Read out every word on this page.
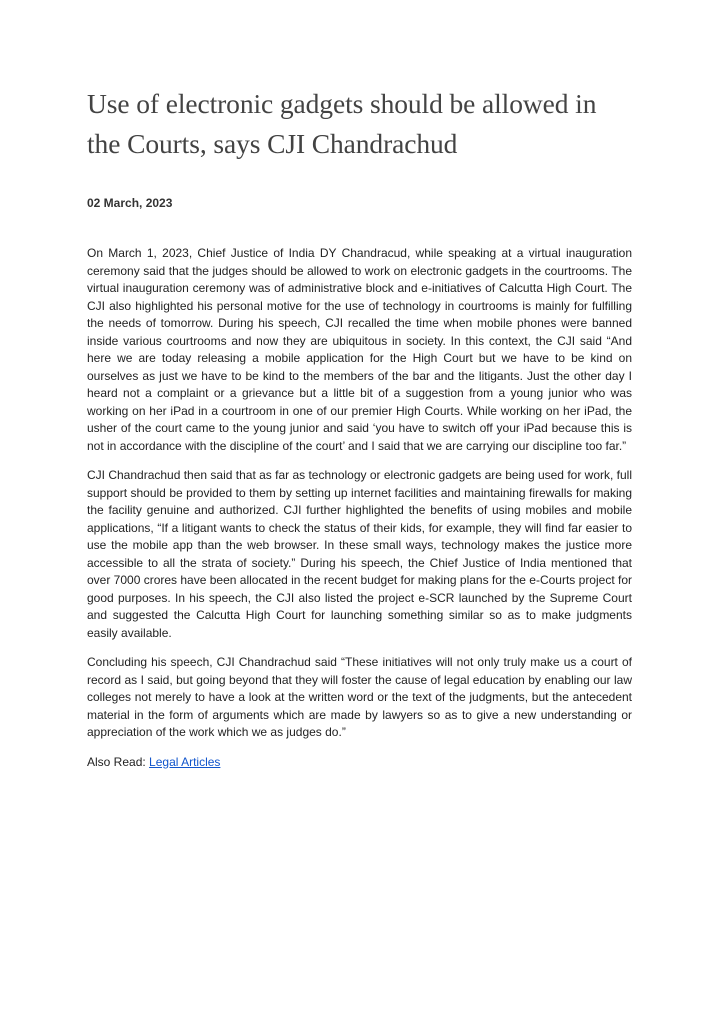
Use of electronic gadgets should be allowed in the Courts, says CJI Chandrachud

02 March, 2023

On March 1, 2023, Chief Justice of India DY Chandracud, while speaking at a virtual inauguration ceremony said that the judges should be allowed to work on electronic gadgets in the courtrooms. The virtual inauguration ceremony was of administrative block and e-initiatives of Calcutta High Court. The CJI also highlighted his personal motive for the use of technology in courtrooms is mainly for fulfilling the needs of tomorrow. During his speech, CJI recalled the time when mobile phones were banned inside various courtrooms and now they are ubiquitous in society. In this context, the CJI said “And here we are today releasing a mobile application for the High Court but we have to be kind on ourselves as just we have to be kind to the members of the bar and the litigants. Just the other day I heard not a complaint or a grievance but a little bit of a suggestion from a young junior who was working on her iPad in a courtroom in one of our premier High Courts. While working on her iPad, the usher of the court came to the young junior and said ‘you have to switch off your iPad because this is not in accordance with the discipline of the court’ and I said that we are carrying our discipline too far.”

CJI Chandrachud then said that as far as technology or electronic gadgets are being used for work, full support should be provided to them by setting up internet facilities and maintaining firewalls for making the facility genuine and authorized. CJI further highlighted the benefits of using mobiles and mobile applications, “If a litigant wants to check the status of their kids, for example, they will find far easier to use the mobile app than the web browser. In these small ways, technology makes the justice more accessible to all the strata of society.” During his speech, the Chief Justice of India mentioned that over 7000 crores have been allocated in the recent budget for making plans for the e-Courts project for good purposes. In his speech, the CJI also listed the project e-SCR launched by the Supreme Court and suggested the Calcutta High Court for launching something similar so as to make judgments easily available.

Concluding his speech, CJI Chandrachud said “These initiatives will not only truly make us a court of record as I said, but going beyond that they will foster the cause of legal education by enabling our law colleges not merely to have a look at the written word or the text of the judgments, but the antecedent material in the form of arguments which are made by lawyers so as to give a new understanding or appreciation of the work which we as judges do.”

Also Read: Legal Articles
